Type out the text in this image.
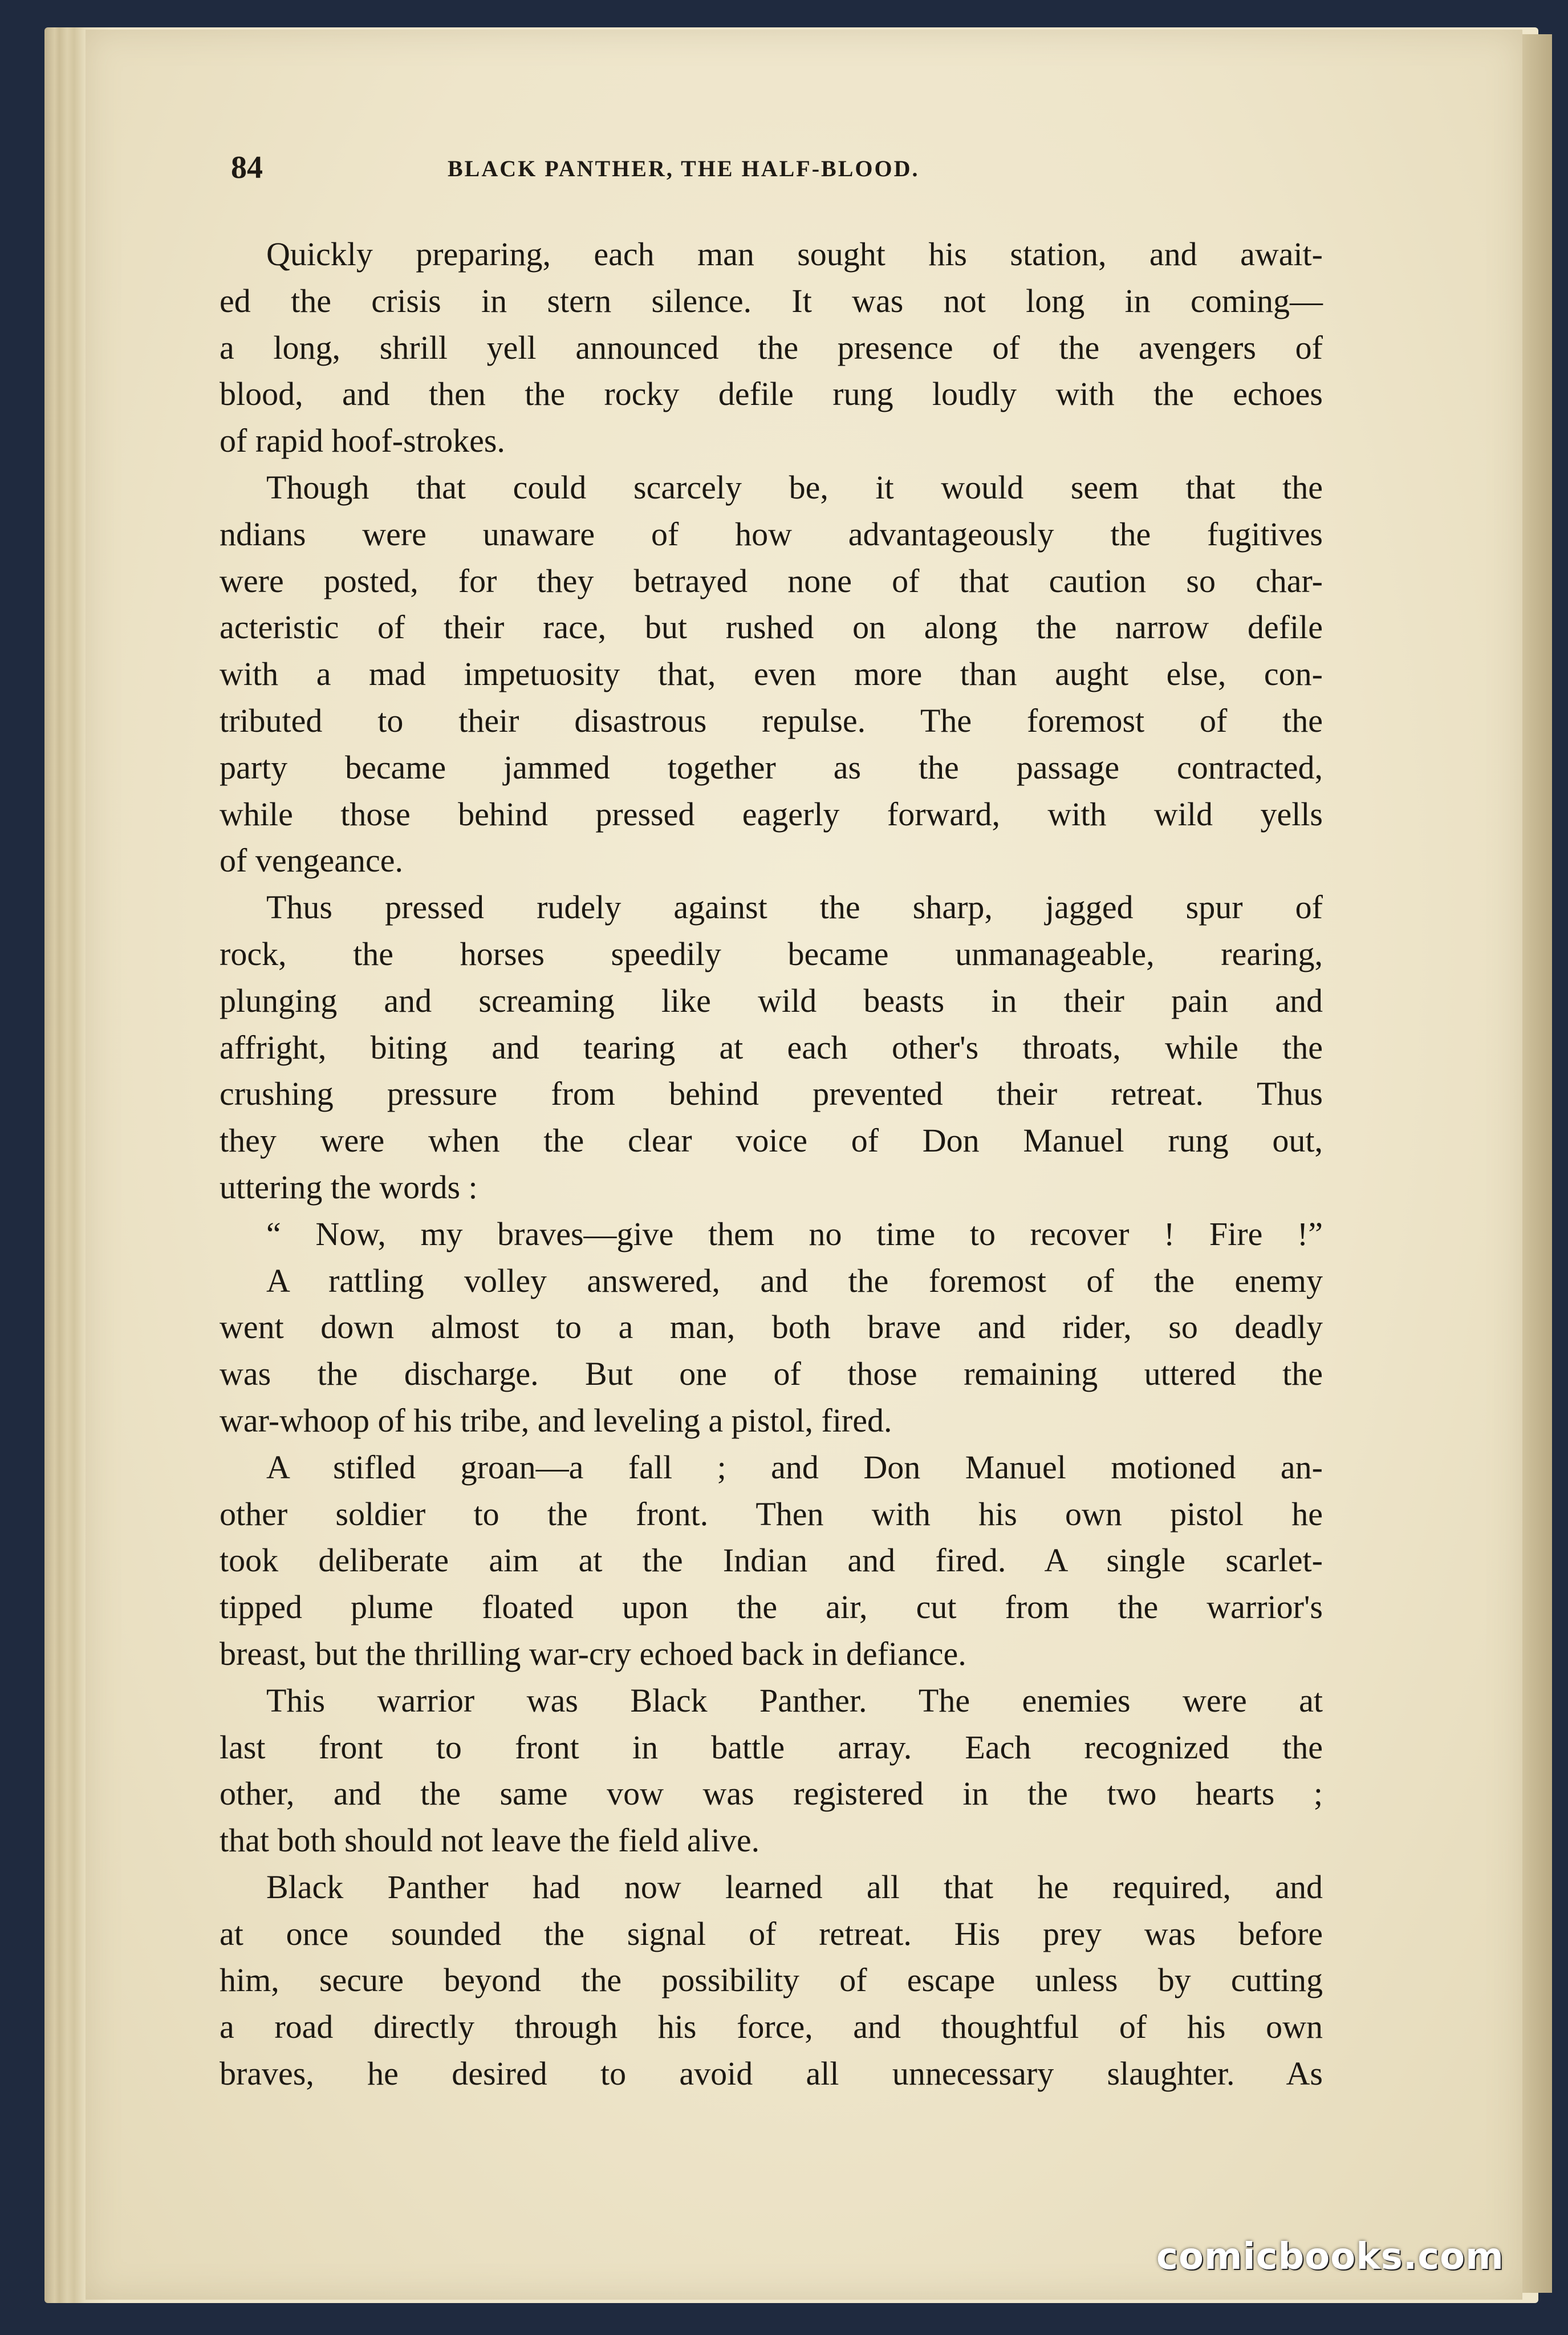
84	BLACK PANTHER, THE HALF-BLOOD.
Quickly preparing, each man sought his station, and await-
ed the crisis in stern silence. It was not long in coming—
a long, shrill yell announced the presence of the avengers of
blood, and then the rocky defile rung loudly with the echoes
of rapid hoof-strokes.
Though that could scarcely be, it would seem that the
ndians were unaware of how advantageously the fugitives
were posted, for they betrayed none of that caution so char-
acteristic of their race, but rushed on along the narrow defile
with a mad impetuosity that, even more than aught else, con-
tributed to their disastrous repulse. The foremost of the
party became jammed together as the passage contracted,
while those behind pressed eagerly forward, with wild yells
of vengeance.
Thus pressed rudely against the sharp, jagged spur of
rock, the horses speedily became unmanageable, rearing,
plunging and screaming like wild beasts in their pain and
affright, biting and tearing at each other's throats, while the
crushing pressure from behind prevented their retreat. Thus
they were when the clear voice of Don Manuel rung out,
uttering the words :
“ Now, my braves—give them no time to recover ! Fire !”
A rattling volley answered, and the foremost of the enemy
went down almost to a man, both brave and rider, so deadly
was the discharge. But one of those remaining uttered the
war-whoop of his tribe, and leveling a pistol, fired.
A stifled groan—a fall ; and Don Manuel motioned an-
other soldier to the front. Then with his own pistol he
took deliberate aim at the Indian and fired. A single scarlet-
tipped plume floated upon the air, cut from the warrior's
breast, but the thrilling war-cry echoed back in defiance.
This warrior was Black Panther. The enemies were at
last front to front in battle array. Each recognized the
other, and the same vow was registered in the two hearts ;
that both should not leave the field alive.
Black Panther had now learned all that he required, and
at once sounded the signal of retreat. His prey was before
him, secure beyond the possibility of escape unless by cutting
a road directly through his force, and thoughtful of his own
braves, he desired to avoid all unnecessary slaughter. As
comicbooks.com
